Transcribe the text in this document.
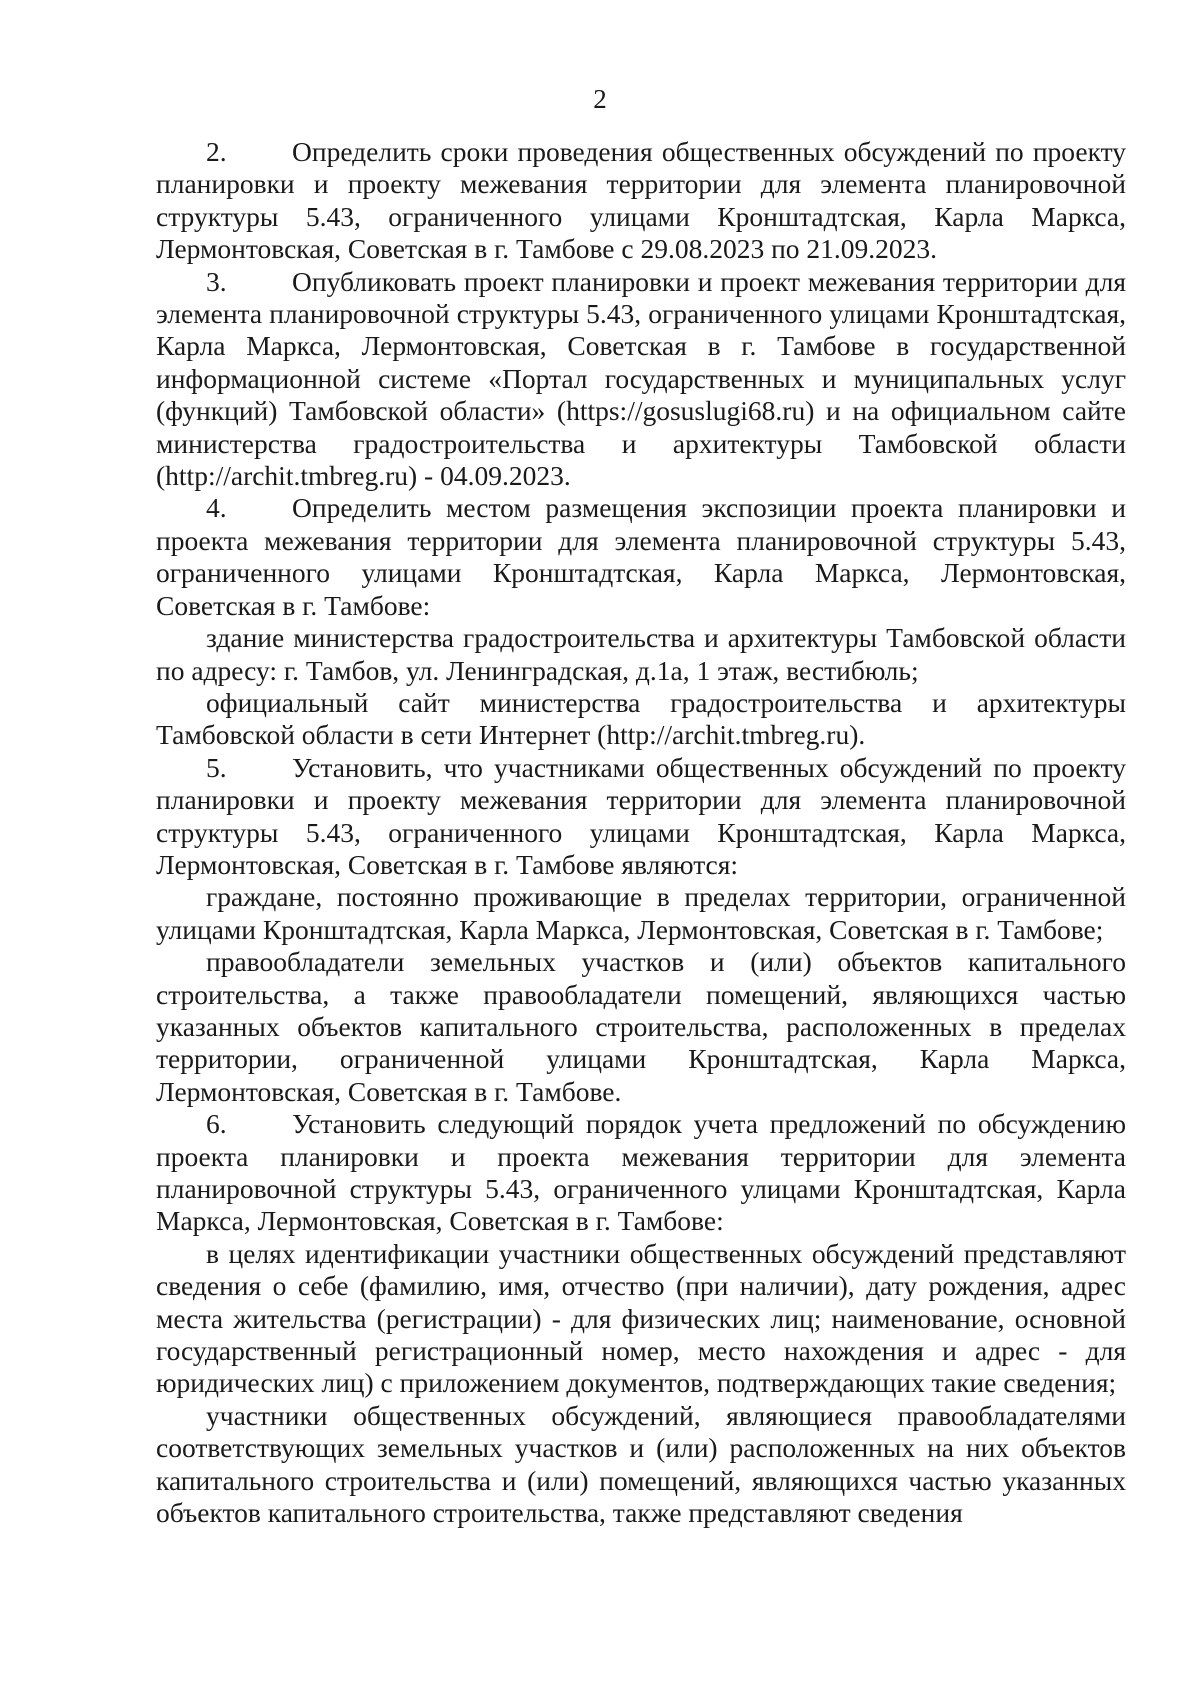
2

2. Определить сроки проведения общественных обсуждений по проекту планировки и проекту межевания территории для элемента планировочной структуры 5.43, ограниченного улицами Кронштадтская, Карла Маркса, Лермонтовская, Советская в г. Тамбове с 29.08.2023 по 21.09.2023.

3. Опубликовать проект планировки и проект межевания территории для элемента планировочной структуры 5.43, ограниченного улицами Кронштадтская, Карла Маркса, Лермонтовская, Советская в г. Тамбове в государственной информационной системе «Портал государственных и муниципальных услуг (функций) Тамбовской области» (https://gosuslugi68.ru) и на официальном сайте министерства градостроительства и архитектуры Тамбовской области (http://archit.tmbreg.ru) - 04.09.2023.

4. Определить местом размещения экспозиции проекта планировки и проекта межевания территории для элемента планировочной структуры 5.43, ограниченного улицами Кронштадтская, Карла Маркса, Лермонтовская, Советская в г. Тамбове:

здание министерства градостроительства и архитектуры Тамбовской области по адресу: г. Тамбов, ул. Ленинградская, д.1а, 1 этаж, вестибюль;

официальный сайт министерства градостроительства и архитектуры Тамбовской области в сети Интернет (http://archit.tmbreg.ru).

5. Установить, что участниками общественных обсуждений по проекту планировки и проекту межевания территории для элемента планировочной структуры 5.43, ограниченного улицами Кронштадтская, Карла Маркса, Лермонтовская, Советская в г. Тамбове являются:

граждане, постоянно проживающие в пределах территории, ограниченной улицами Кронштадтская, Карла Маркса, Лермонтовская, Советская в г. Тамбове;

правообладатели земельных участков и (или) объектов капитального строительства, а также правообладатели помещений, являющихся частью указанных объектов капитального строительства, расположенных в пределах территории, ограниченной улицами Кронштадтская, Карла Маркса, Лермонтовская, Советская в г. Тамбове.

6. Установить следующий порядок учета предложений по обсуждению проекта планировки и проекта межевания территории для элемента планировочной структуры 5.43, ограниченного улицами Кронштадтская, Карла Маркса, Лермонтовская, Советская в г. Тамбове:

в целях идентификации участники общественных обсуждений представляют сведения о себе (фамилию, имя, отчество (при наличии), дату рождения, адрес места жительства (регистрации) - для физических лиц; наименование, основной государственный регистрационный номер, место нахождения и адрес - для юридических лиц) с приложением документов, подтверждающих такие сведения;

участники общественных обсуждений, являющиеся правообладателями соответствующих земельных участков и (или) расположенных на них объектов капитального строительства и (или) помещений, являющихся частью указанных объектов капитального строительства, также представляют сведения
